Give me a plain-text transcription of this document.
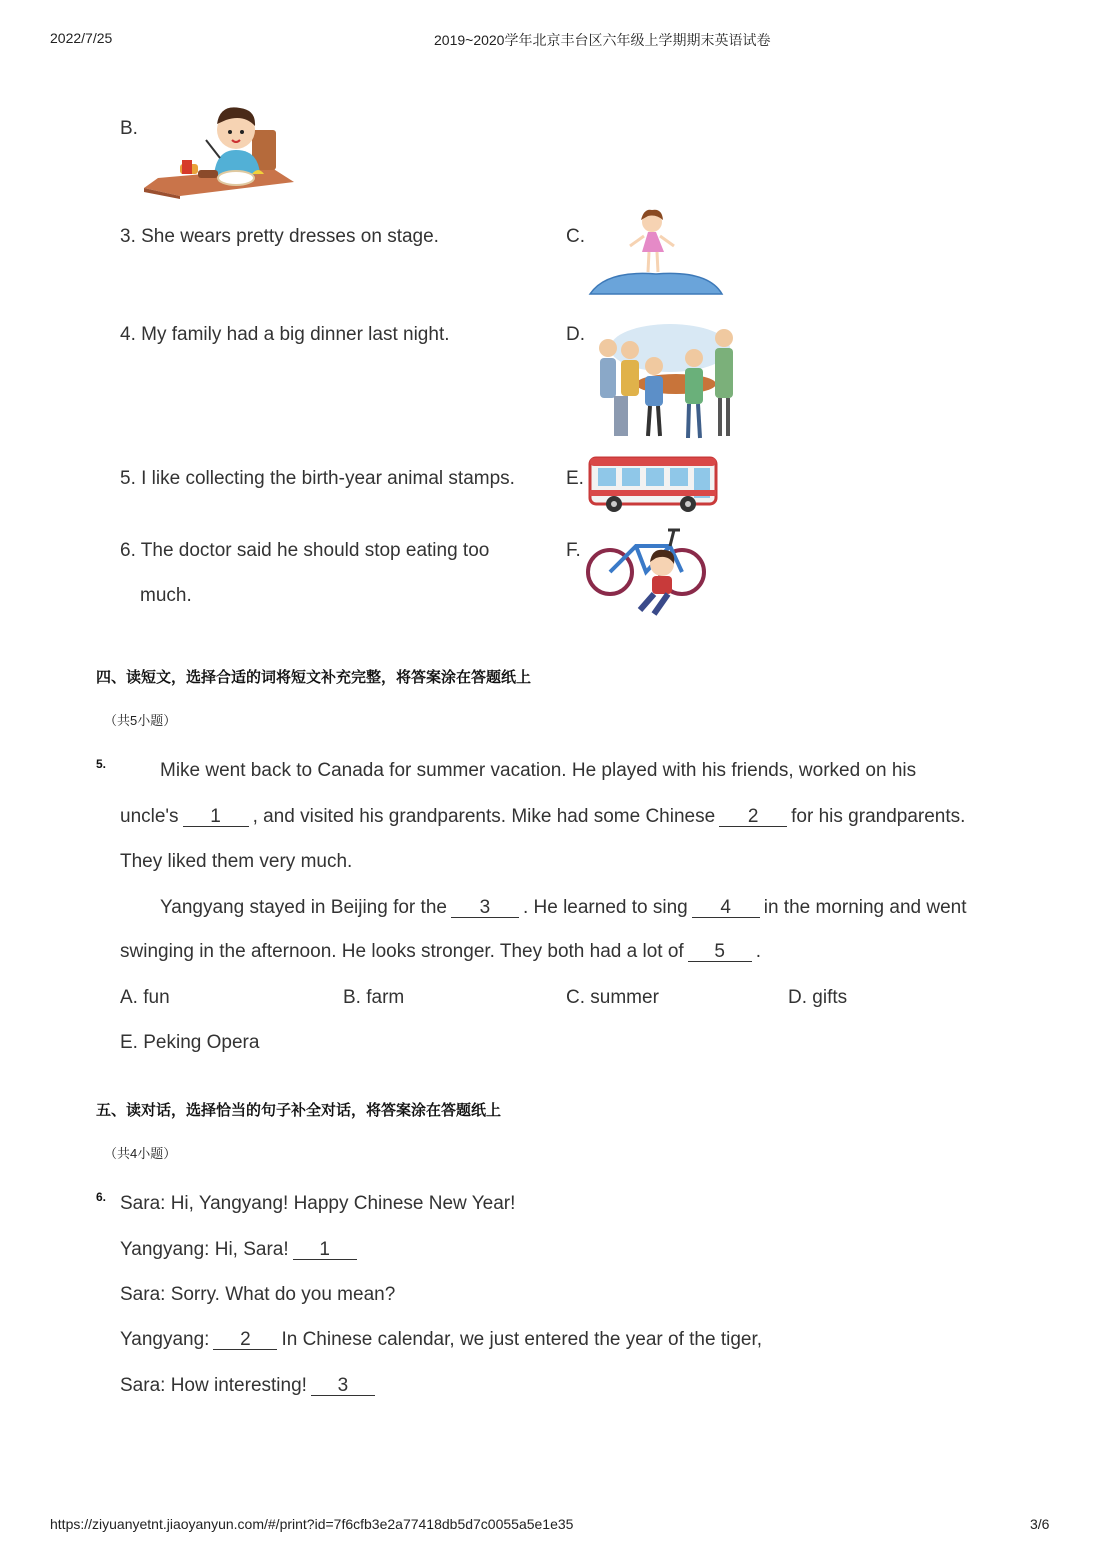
2022/7/25	2019~2020学年北京丰台区六年级上学期期末英语试卷
B.
3. She wears pretty dresses on stage.	C.
4. My family had a big dinner last night.	D.
5. I like collecting the birth-year animal stamps.	E.
6. The doctor said he should stop eating too
much.
F.
四、读短文，选择合适的词将短文补充完整，将答案涂在答题纸上
（共5小题）
5.	Mike went back to Canada for summer vacation. He played with his friends, worked on his
uncle's 1 , and visited his grandparents. Mike had some Chinese 2 for his grandparents.
They liked them very much.
Yangyang stayed in Beijing for the 3 . He learned to sing 4 in the morning and went
swinging in the afternoon. He looks stronger. They both had a lot of 5 .
A. fun	B. farm	C. summer	D. gifts
E. Peking Opera
五、读对话，选择恰当的句子补全对话，将答案涂在答题纸上
（共4小题）
6. Sara: Hi, Yangyang! Happy Chinese New Year!
Yangyang: Hi, Sara! 1
Sara: Sorry. What do you mean?
Yangyang: 2 In Chinese calendar, we just entered the year of the tiger,
Sara: How interesting! 3
https://ziyuanyetnt.jiaoyanyun.com/#/print?id=7f6cfb3e2a77418db5d7c0055a5e1e35	3/6
